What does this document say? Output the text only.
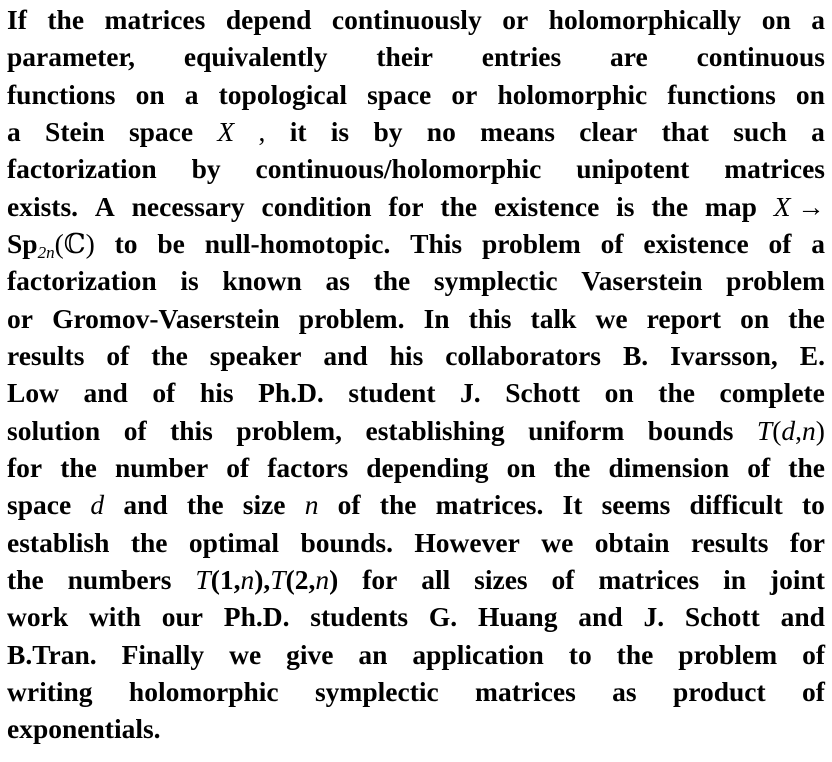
If the matrices depend continuously or holomorphically on a
parameter, equivalently their entries are continuous
functions on a topological space or holomorphic functions on
a Stein space X , it is by no means clear that such a
factorization by continuous/holomorphic unipotent matrices
exists. A necessary condition for the existence is the map X →
$Sp_{2n}(ℂ)$ to be null-homotopic. This problem of existence of a
factorization is known as the symplectic Vaserstein problem
or Gromov-Vaserstein problem. In this talk we report on the
results of the speaker and his collaborators B. Ivarsson, E.
Low and of his Ph.D. student J. Schott on the complete
solution of this problem, establishing uniform bounds T(d,n)
for the number of factors depending on the dimension of the
space d and the size n of the matrices. It seems difficult to
establish the optimal bounds. However we obtain results for
the numbers T(1,n),T(2,n) for all sizes of matrices in joint
work with our Ph.D. students G. Huang and J. Schott and
B.Tran. Finally we give an application to the problem of
writing holomorphic symplectic matrices as product of
exponentials.
